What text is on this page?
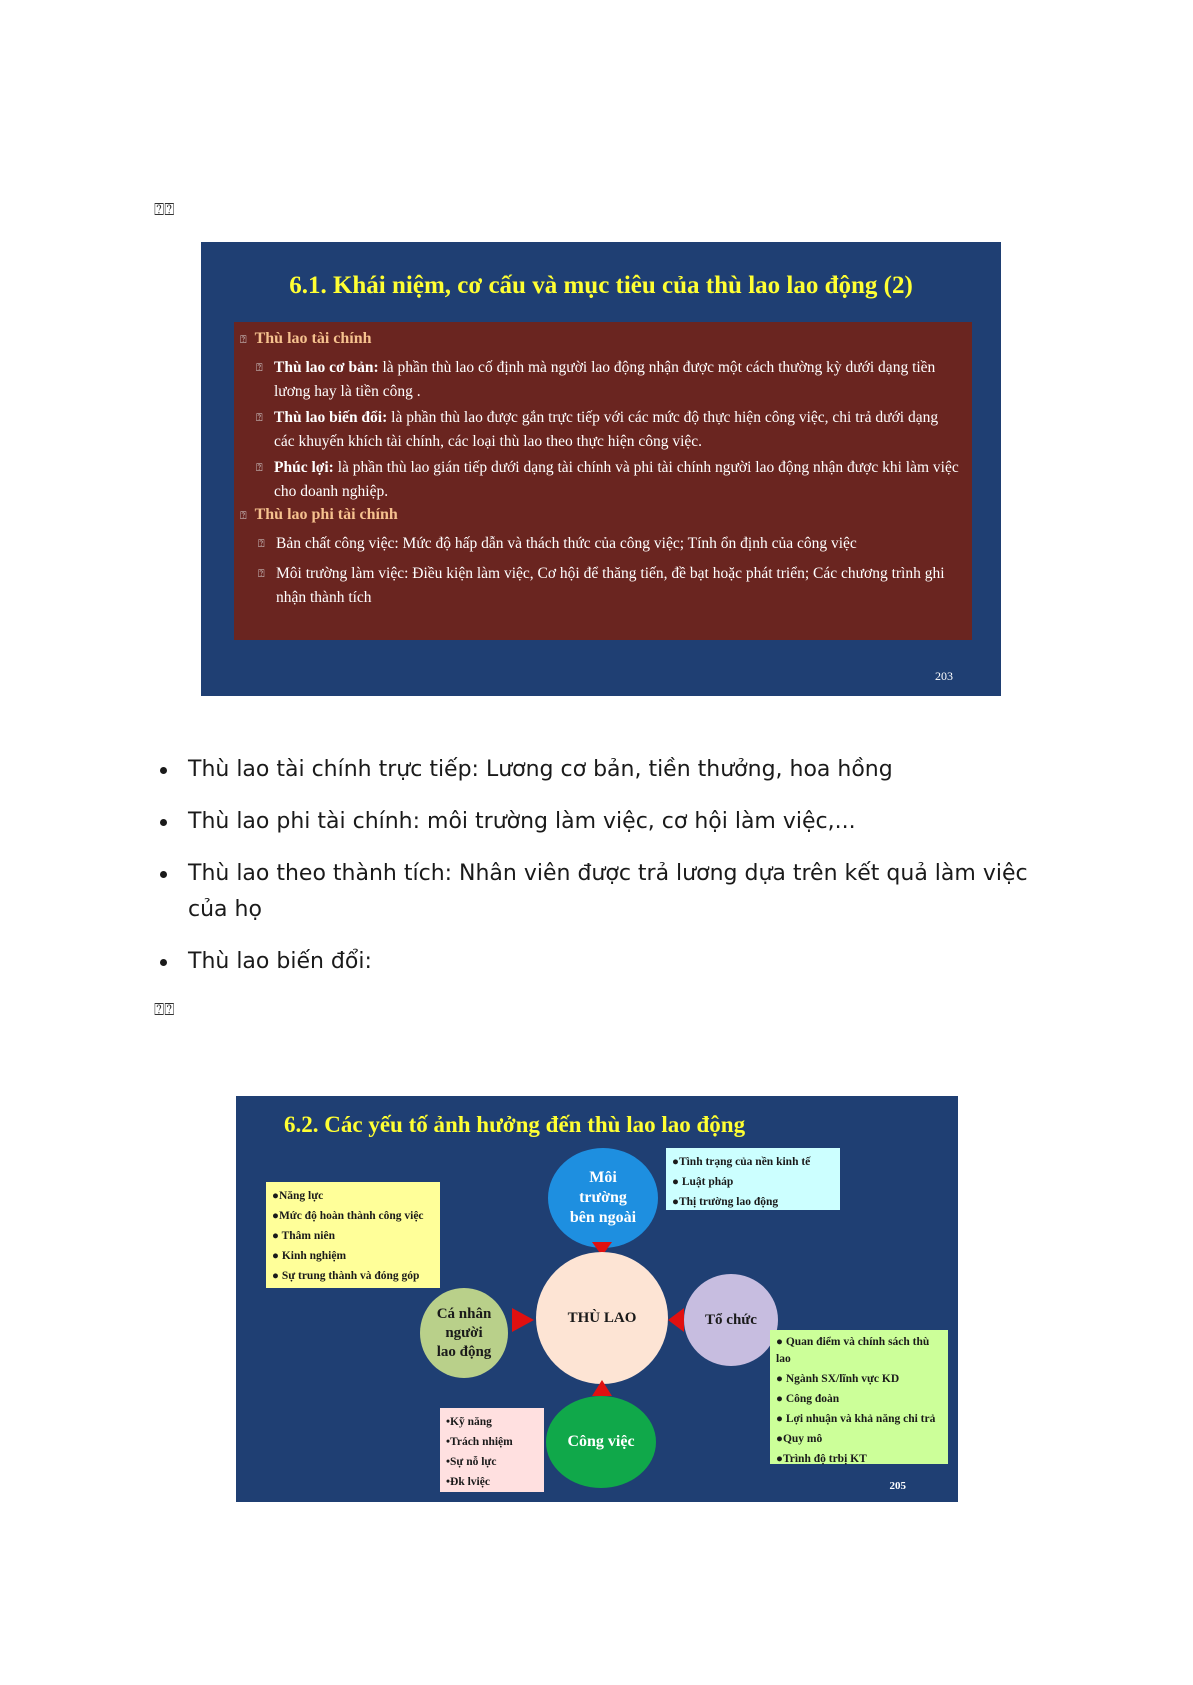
⍰⍰
6.1. Khái niệm, cơ cấu và mục tiêu của thù lao lao động (2)
⍰ Thù lao tài chính
⍰ Thù lao cơ bản: là phần thù lao cố định mà người lao động nhận được một cách thường kỳ dưới dạng tiền lương hay là tiền công .
⍰ Thù lao biến đổi: là phần thù lao được gắn trực tiếp với các mức độ thực hiện công việc, chi trả dưới dạng các khuyến khích tài chính, các loại thù lao theo thực hiện công việc.
⍰ Phúc lợi: là phần thù lao gián tiếp dưới dạng tài chính và phi tài chính người lao động nhận được khi làm việc cho doanh nghiệp.
⍰ Thù lao phi tài chính
⍰ Bản chất công việc: Mức độ hấp dẫn và thách thức của công việc; Tính ổn định của công việc
⍰ Môi trường làm việc: Điều kiện làm việc, Cơ hội để thăng tiến, đề bạt hoặc phát triển; Các chương trình ghi nhận thành tích
203
Thù lao tài chính trực tiếp: Lương cơ bản, tiền thưởng, hoa hồng
Thù lao phi tài chính: môi trường làm việc, cơ hội làm việc,...
Thù lao theo thành tích: Nhân viên được trả lương dựa trên kết quả làm việc của họ
Thù lao biến đổi:
⍰⍰
6.2. Các yếu tố ảnh hưởng đến thù lao lao động
●Năng lực
●Mức độ hoàn thành công việc
● Thâm niên
● Kinh nghiệm
● Sự trung thành và đóng góp
●Tình trạng của nền kinh tế
● Luật pháp
●Thị trường lao động
Môi
trường
bên ngoài
Cá nhân
người
lao động
THÙ LAO	Tổ chức
Công việc
● Quan điểm và chính sách thù lao
● Ngành SX/lĩnh vực KD
● Công đoàn
● Lợi nhuận và khả năng chi trả
●Quy mô
●Trình độ trbị KT
•Kỹ năng
•Trách nhiệm
•Sự nỗ lực
•Đk lviệc	205
